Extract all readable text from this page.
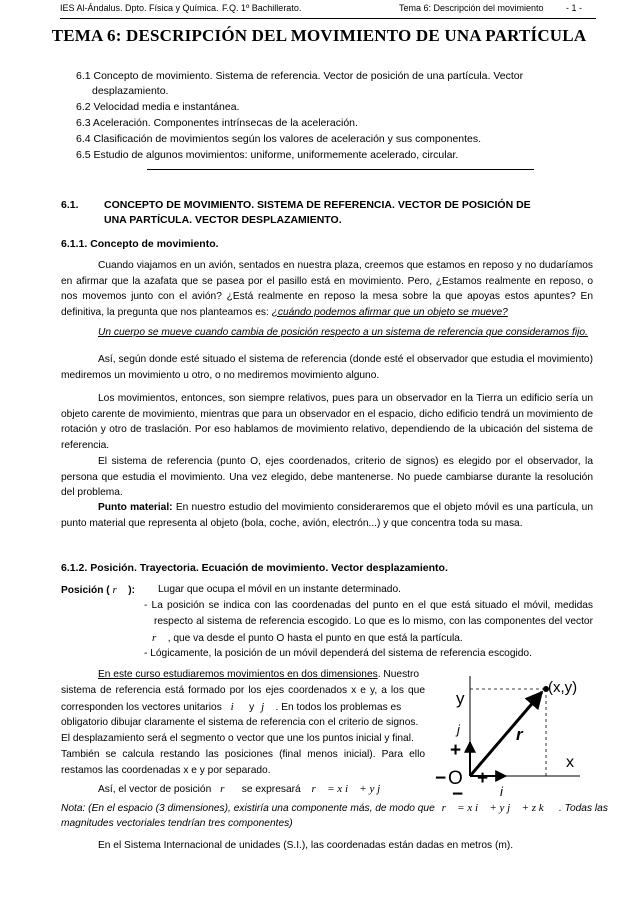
IES Al-Ándalus. Dpto. Física y Química. F.Q. 1º Bachillerato.	Tema 6: Descripción del movimiento - 1 -
TEMA 6: DESCRIPCIÓN DEL MOVIMIENTO DE UNA PARTÍCULA
6.1 Concepto de movimiento. Sistema de referencia. Vector de posición de una partícula. Vector
desplazamiento.
6.2 Velocidad media e instantánea.
6.3 Aceleración. Componentes intrínsecas de la aceleración.
6.4 Clasificación de movimientos según los valores de aceleración y sus componentes.
6.5 Estudio de algunos movimientos: uniforme, uniformemente acelerado, circular.
6.1. CONCEPTO DE MOVIMIENTO. SISTEMA DE REFERENCIA. VECTOR DE POSICIÓN DE
UNA PARTÍCULA. VECTOR DESPLAZAMIENTO.
6.1.1. Concepto de movimiento.
Cuando viajamos en un avión, sentados en nuestra plaza, creemos que estamos en reposo y no dudaríamos en afirmar que la azafata que se pasea por el pasillo está en movimiento. Pero, ¿Estamos realmente en reposo, o nos movemos junto con el avión? ¿Está realmente en reposo la mesa sobre la que apoyas estos apuntes? En definitiva, la pregunta que nos planteamos es: ¿cuándo podemos afirmar que un objeto se mueve?
Un cuerpo se mueve cuando cambia de posición respecto a un sistema de referencia que consideramos fijo.
Así, según donde esté situado el sistema de referencia (donde esté el observador que estudia el movimiento) mediremos un movimiento u otro, o no mediremos movimiento alguno.
Los movimientos, entonces, son siempre relativos, pues para un observador en la Tierra un edificio sería un objeto carente de movimiento, mientras que para un observador en el espacio, dicho edificio tendrá un movimiento de rotación y otro de traslación. Por eso hablamos de movimiento relativo, dependiendo de la ubicación del sistema de referencia.
El sistema de referencia (punto O, ejes coordenados, criterio de signos) es elegido por el observador, la persona que estudia el movimiento. Una vez elegido, debe mantenerse. No puede cambiarse durante la resolución del problema.
Punto material: En nuestro estudio del movimiento consideraremos que el objeto móvil es una partícula, un punto material que representa al objeto (bola, coche, avión, electrón...) y que concentra toda su masa.
6.1.2. Posición. Trayectoria. Ecuación de movimiento. Vector desplazamiento.
Posición ( r⃗ ): Lugar que ocupa el móvil en un instante determinado.
- La posición se indica con las coordenadas del punto en el que está situado el móvil, medidas
respecto al sistema de referencia escogido. Lo que es lo mismo, con las componentes del vector
r⃗ , que va desde el punto O hasta el punto en que está la partícula.
- Lógicamente, la posición de un móvil dependerá del sistema de referencia escogido.
En este curso estudiaremos movimientos en dos dimensiones. Nuestro
sistema de referencia está formado por los ejes coordenados x e y, a los que
corresponden los vectores unitarios i⃗ y j⃗ . En todos los problemas es
obligatorio dibujar claramente el sistema de referencia con el criterio de signos.
El desplazamiento será el segmento o vector que une los puntos inicial y final.
También se calcula restando las posiciones (final menos inicial). Para ello
restamos las coordenadas x e y por separado.
(x,y)
y
x
O
− +
+
−
j
i
r
Así, el vector de posición r⃗ se expresará r⃗ = x i⃗ + y j⃗
Nota: (En el espacio (3 dimensiones), existiría una componente más, de modo que r⃗ = x i⃗ + y j⃗ + z k⃗ . Todas las
magnitudes vectoriales tendrían tres componentes)
En el Sistema Internacional de unidades (S.I.), las coordenadas están dadas en metros (m).
